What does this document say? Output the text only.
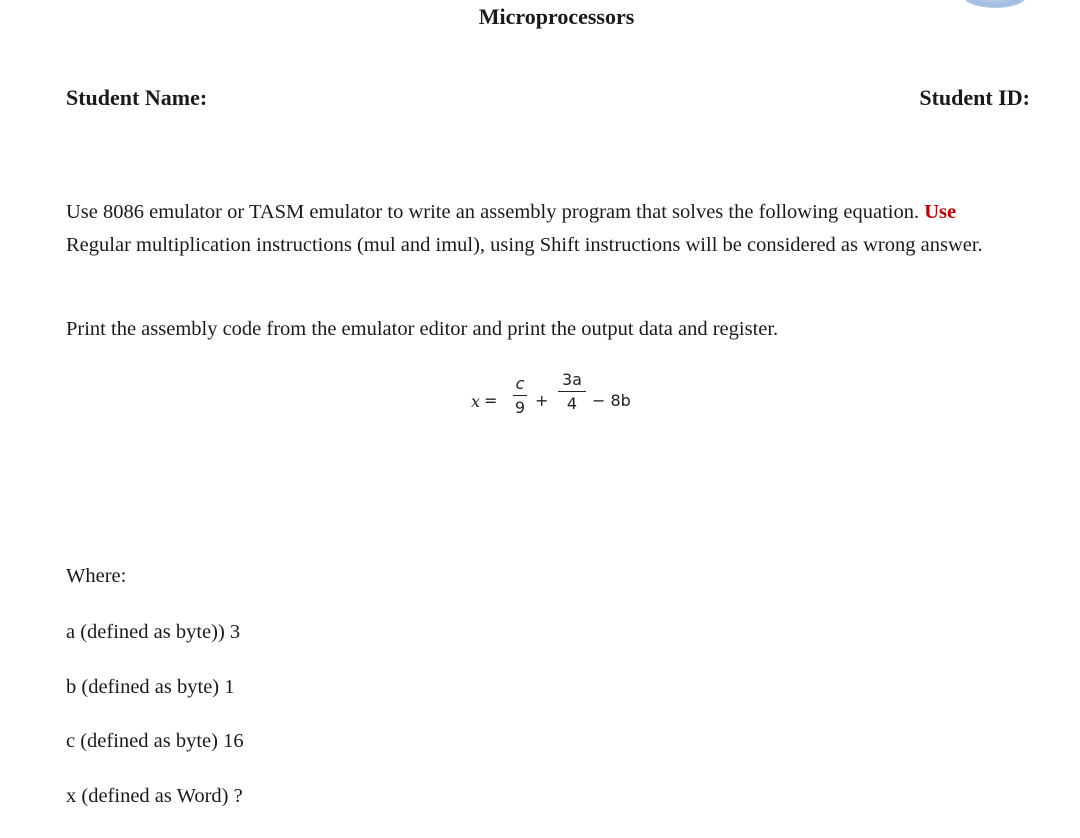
Microprocessors
Student Name:	Student ID:
Use 8086 emulator or TASM emulator to write an assembly program that solves the following equation. Use Regular multiplication instructions (mul and imul), using Shift instructions will be considered as wrong answer.
Print the assembly code from the emulator editor and print the output data and register.
x =
c
9 +
3a
4 − 8b
Where:
a (defined as byte)) 3
b (defined as byte) 1
c (defined as byte) 16
x (defined as Word) ?
